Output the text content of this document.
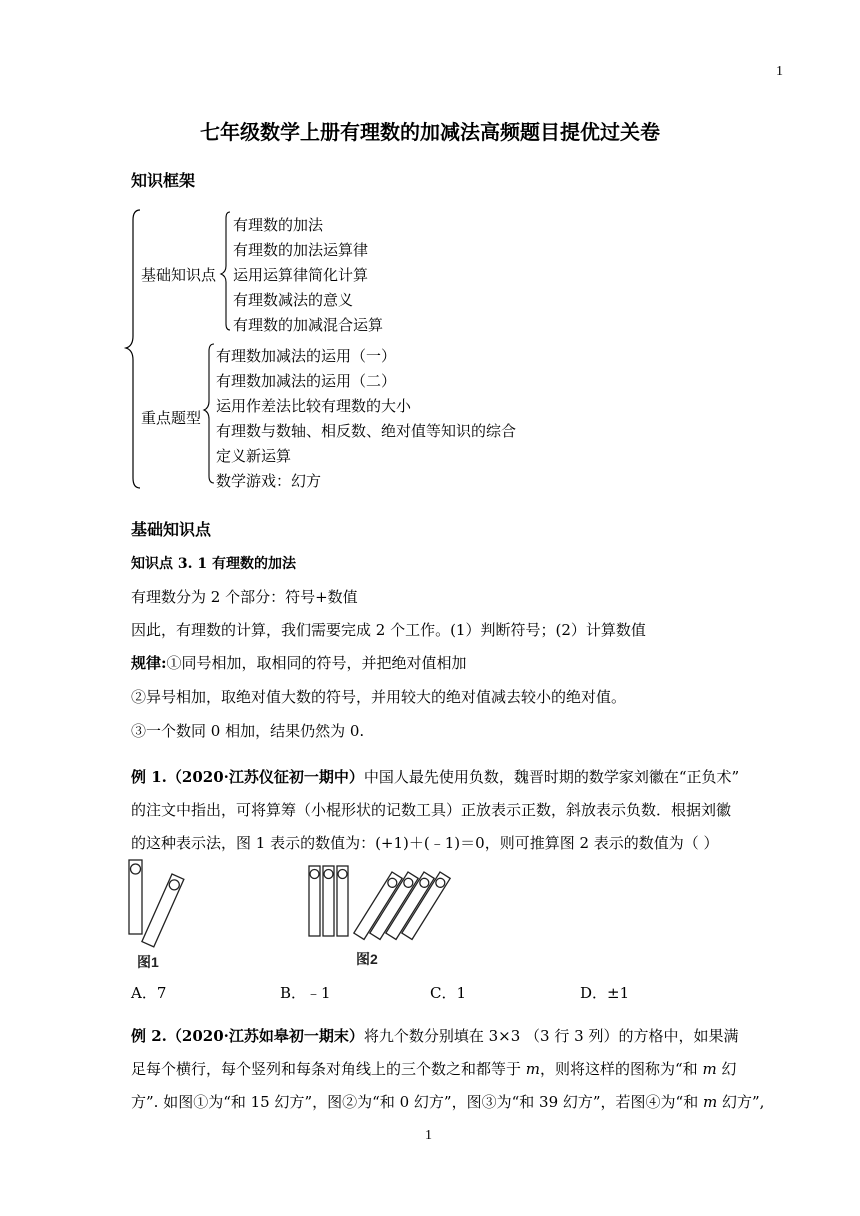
1
1
七年级数学上册有理数的加减法高频题目提优过关卷
知识框架
基础知识点
有理数的加法
有理数的加法运算律
运用运算律简化计算
有理数减法的意义
有理数的加减混合运算
重点题型
有理数加减法的运用（一）
有理数加减法的运用（二）
运用作差法比较有理数的大小
有理数与数轴、相反数、绝对值等知识的综合
定义新运算
数学游戏：幻方
基础知识点
知识点 3. 1 有理数的加法
有理数分为 2 个部分：符号+数值
因此，有理数的计算，我们需要完成 2 个工作。(1）判断符号；(2）计算数值
规律:①同号相加，取相同的符号，并把绝对值相加
②异号相加，取绝对值大数的符号，并用较大的绝对值减去较小的绝对值。
③一个数同 0 相加，结果仍然为 0.
例 1.（2020·江苏仪征初一期中）中国人最先使用负数，魏晋时期的数学家刘徽在“正负术”
的注文中指出，可将算筹（小棍形状的记数工具）正放表示正数，斜放表示负数．根据刘徽
的这种表示法，图 1 表示的数值为：(+1)＋(﹣1)＝0，则可推算图 2 表示的数值为（ ）
图1	图2
A．7	B．﹣1	C．1	D．±1
例 2.（2020·江苏如皋初一期末）将九个数分别填在 3×3 （3 行 3 列）的方格中，如果满
足每个横行，每个竖列和每条对角线上的三个数之和都等于 m，则将这样的图称为“和 m 幻
方”. 如图①为“和 15 幻方”，图②为“和 0 幻方”，图③为“和 39 幻方”，若图④为“和 m 幻方”,
